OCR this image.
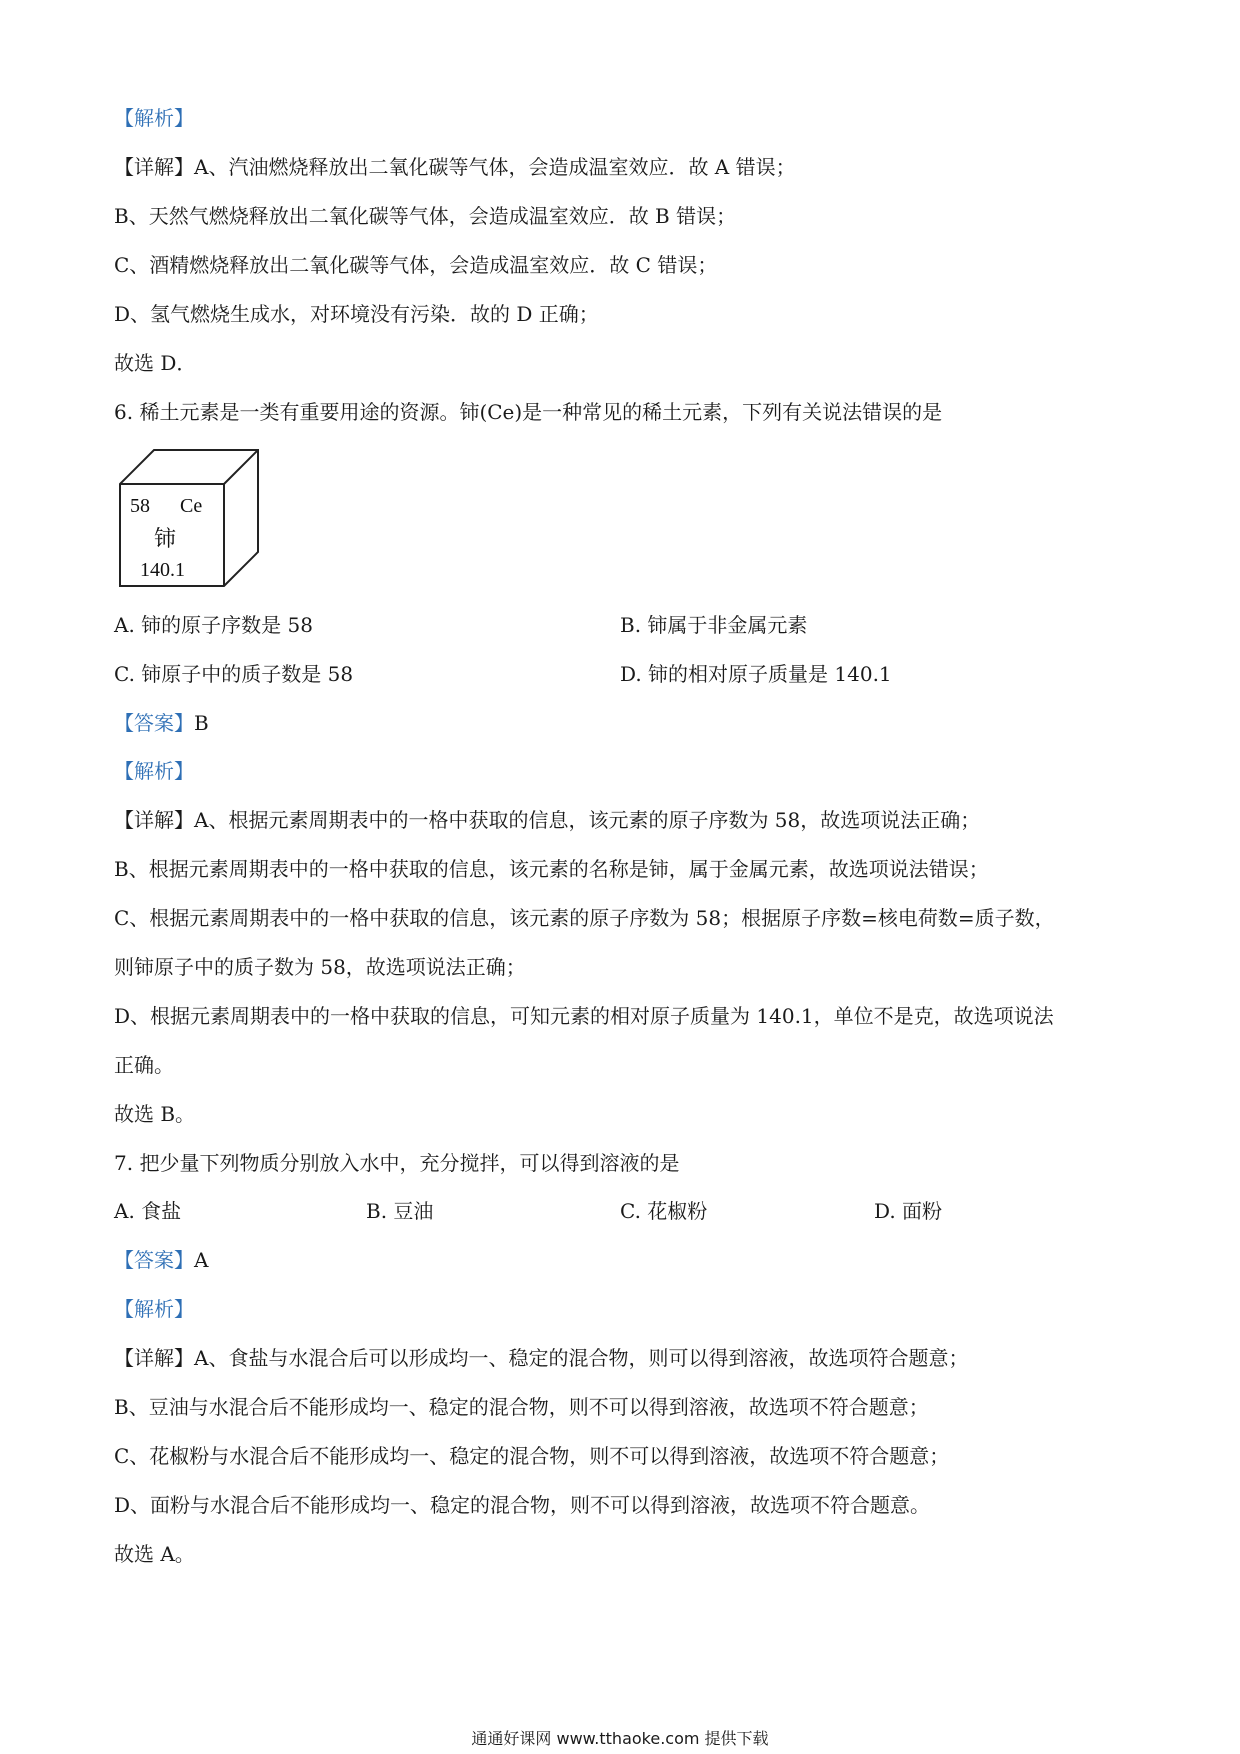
【解析】
【详解】A、汽油燃烧释放出二氧化碳等气体，会造成温室效应．故 A 错误；
B、天然气燃烧释放出二氧化碳等气体，会造成温室效应．故 B 错误；
C、酒精燃烧释放出二氧化碳等气体，会造成温室效应．故 C 错误；
D、氢气燃烧生成水，对环境没有污染．故的 D 正确；
故选 D．
6. 稀土元素是一类有重要用途的资源。铈(Ce)是一种常见的稀土元素，下列有关说法错误的是
58 Ce
铈
140.1
A. 铈的原子序数是 58	B. 铈属于非金属元素
C. 铈原子中的质子数是 58	D. 铈的相对原子质量是 140.1
【答案】B
【解析】
【详解】A、根据元素周期表中的一格中获取的信息，该元素的原子序数为 58，故选项说法正确；
B、根据元素周期表中的一格中获取的信息，该元素的名称是铈，属于金属元素，故选项说法错误；
C、根据元素周期表中的一格中获取的信息，该元素的原子序数为 58；根据原子序数=核电荷数=质子数，
则铈原子中的质子数为 58，故选项说法正确；
D、根据元素周期表中的一格中获取的信息，可知元素的相对原子质量为 140.1，单位不是克，故选项说法
正确。
故选 B。
7. 把少量下列物质分别放入水中，充分搅拌，可以得到溶液的是
A. 食盐	B. 豆油	C. 花椒粉	D. 面粉
【答案】A
【解析】
【详解】A、食盐与水混合后可以形成均一、稳定的混合物，则可以得到溶液，故选项符合题意；
B、豆油与水混合后不能形成均一、稳定的混合物，则不可以得到溶液，故选项不符合题意；
C、花椒粉与水混合后不能形成均一、稳定的混合物，则不可以得到溶液，故选项不符合题意；
D、面粉与水混合后不能形成均一、稳定的混合物，则不可以得到溶液，故选项不符合题意。
故选 A。
通通好课网 www.tthaoke.com 提供下载
